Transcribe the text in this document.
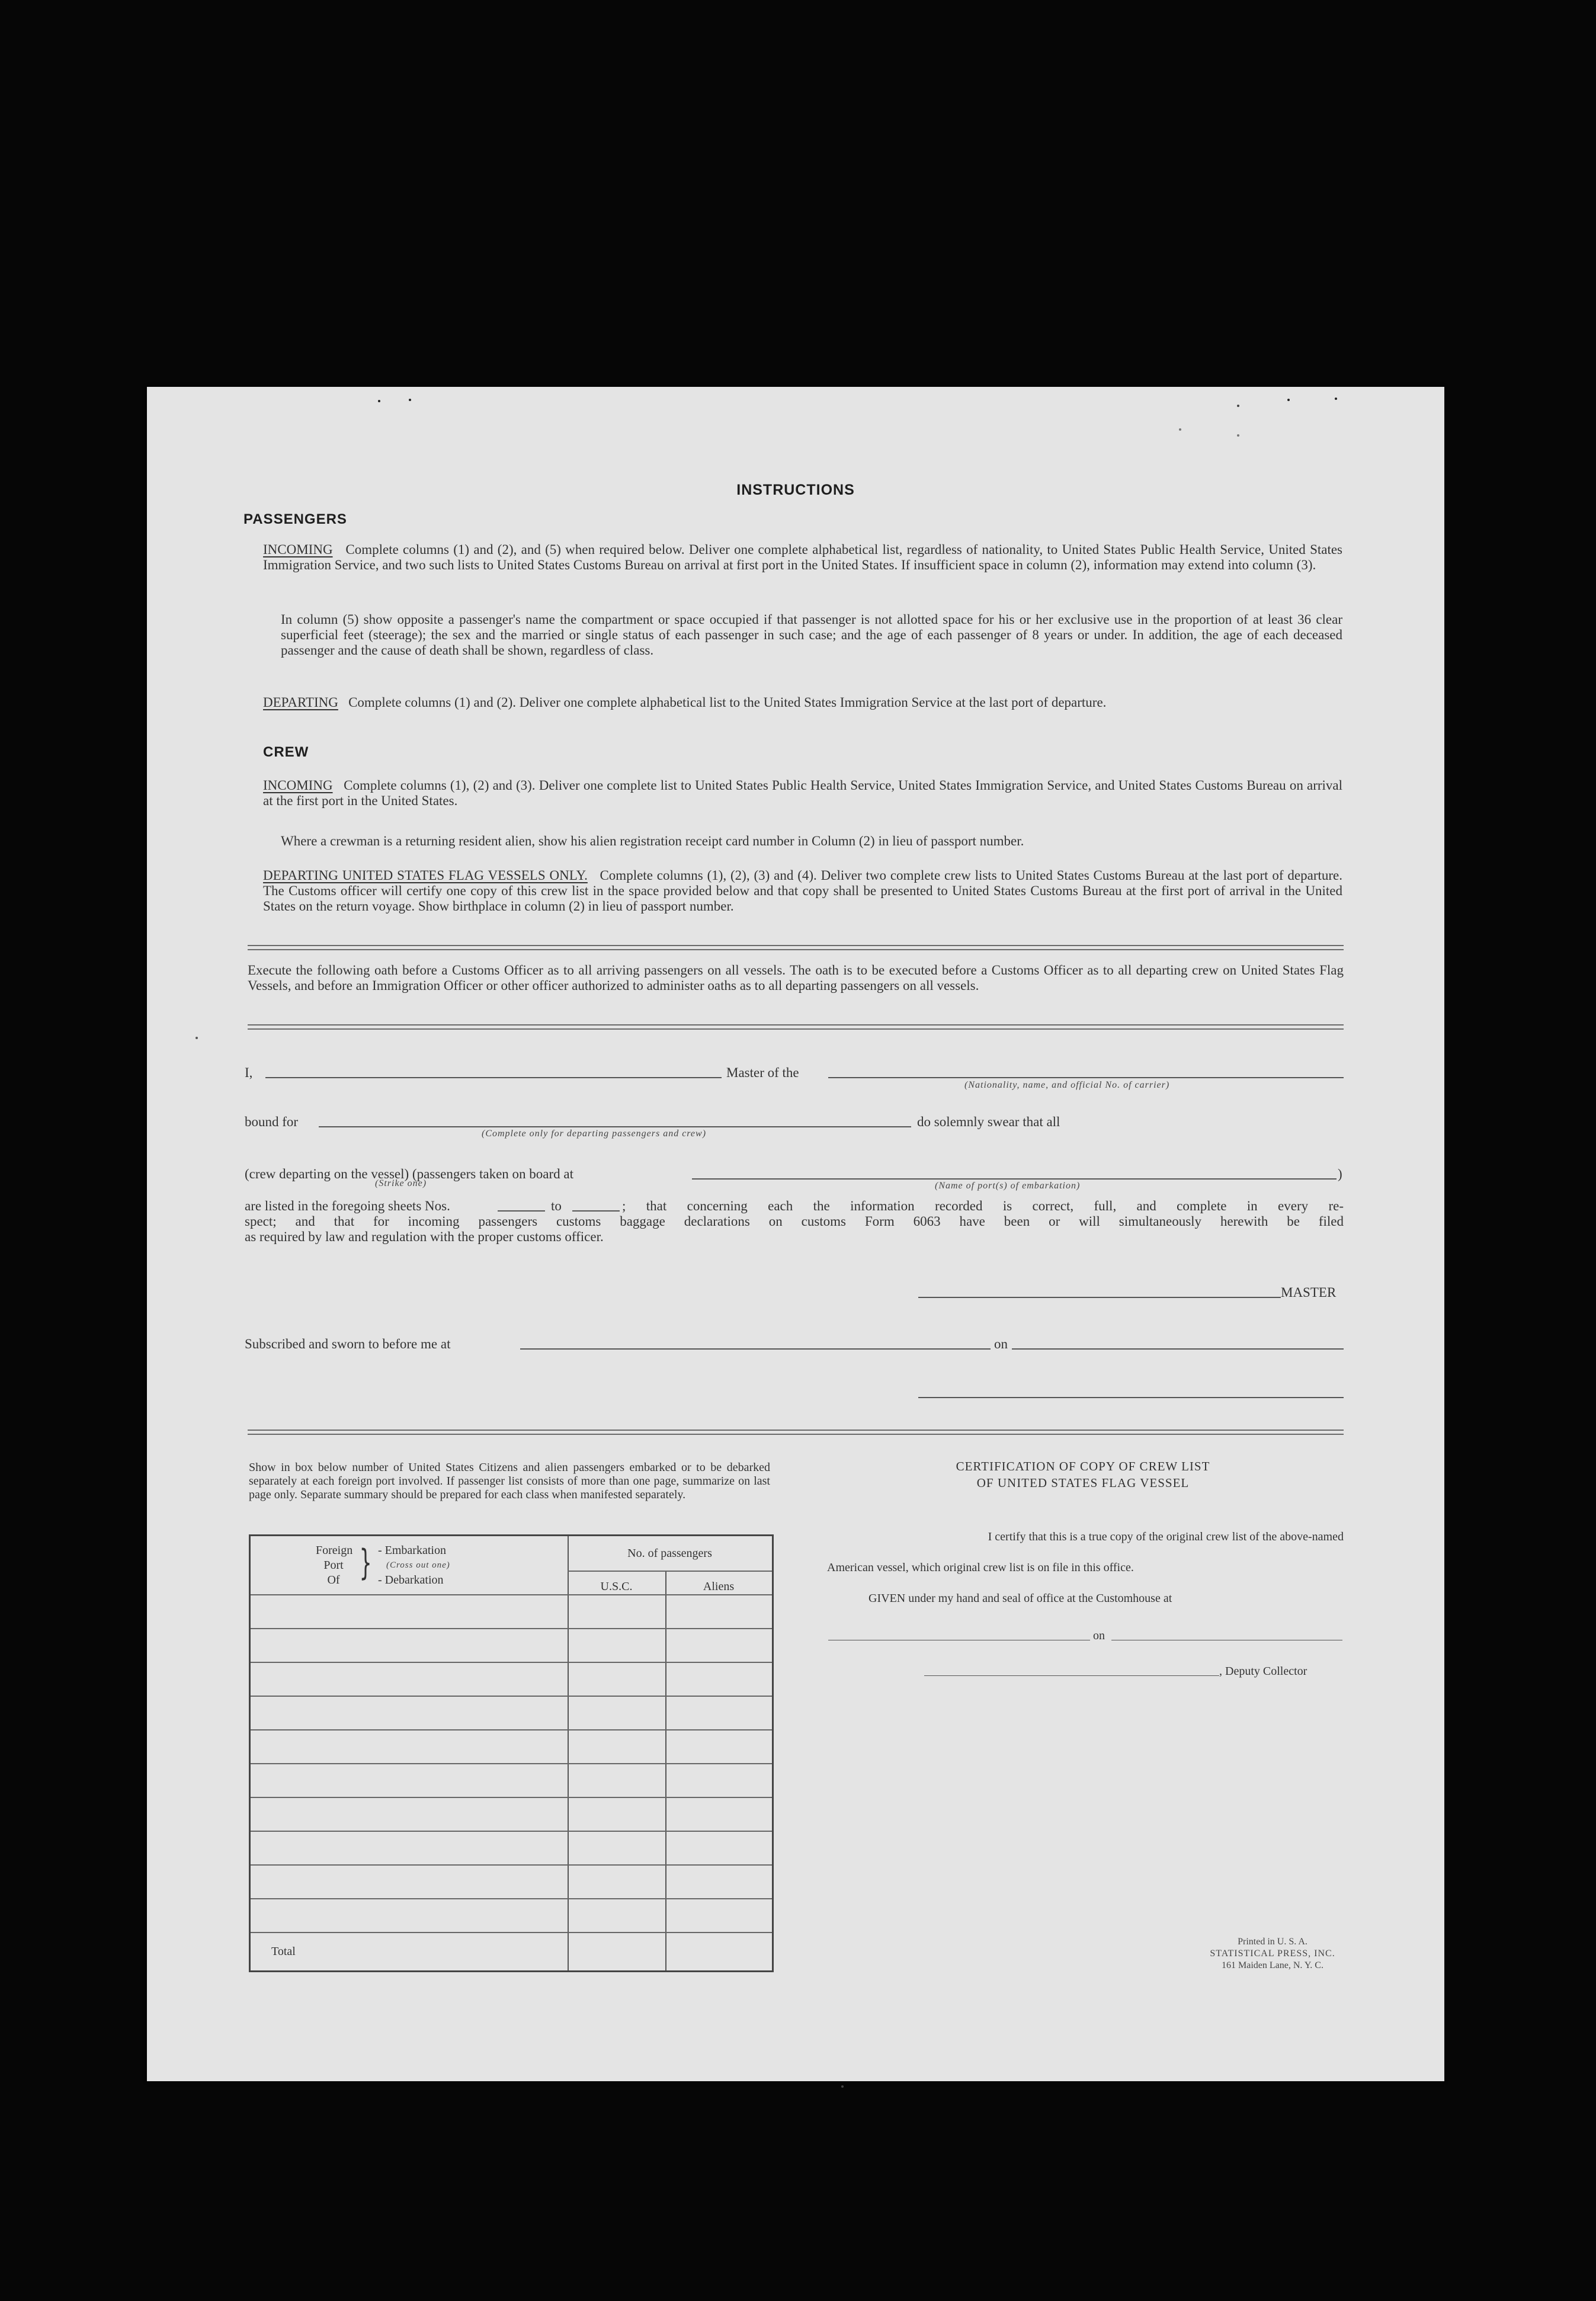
INSTRUCTIONS
PASSENGERS
INCOMING Complete columns (1) and (2), and (5) when required below. Deliver one complete alphabetical list, regardless of nationality, to United States Public Health Service, United States Immigration Service, and two such lists to United States Customs Bureau on arrival at first port in the United States. If insufficient space in column (2), information may extend into column (3).
In column (5) show opposite a passenger's name the compartment or space occupied if that passenger is not allotted space for his or her exclusive use in the proportion of at least 36 clear superficial feet (steerage); the sex and the married or single status of each passenger in such case; and the age of each passenger of 8 years or under. In addition, the age of each deceased passenger and the cause of death shall be shown, regardless of class.
DEPARTING Complete columns (1) and (2). Deliver one complete alphabetical list to the United States Immigration Service at the last port of departure.
CREW
INCOMING Complete columns (1), (2) and (3). Deliver one complete list to United States Public Health Service, United States Immigration Service, and United States Customs Bureau on arrival at the first port in the United States.
Where a crewman is a returning resident alien, show his alien registration receipt card number in Column (2) in lieu of passport number.
DEPARTING UNITED STATES FLAG VESSELS ONLY. Complete columns (1), (2), (3) and (4). Deliver two complete crew lists to United States Customs Bureau at the last port of departure. The Customs officer will certify one copy of this crew list in the space provided below and that copy shall be presented to United States Customs Bureau at the first port of arrival in the United States on the return voyage. Show birthplace in column (2) in lieu of passport number.
Execute the following oath before a Customs Officer as to all arriving passengers on all vessels. The oath is to be executed before a Customs Officer as to all departing crew on United States Flag Vessels, and before an Immigration Officer or other officer authorized to administer oaths as to all departing passengers on all vessels.
I,	Master of the
(Nationality, name, and official No. of carrier)
bound for
(Complete only for departing passengers and crew)
do solemnly swear that all
(crew departing on the vessel) (passengers taken on board at
(Strike one)
)
(Name of port(s) of embarkation)
are listed in the foregoing sheets Nos.	to	; that concerning each the information recorded is correct, full, and complete in every re-
spect; and that for incoming passengers customs baggage declarations on customs Form 6063 have been or will simultaneously herewith be filed
as required by law and regulation with the proper customs officer.
MASTER
Subscribed and sworn to before me at	on
Show in box below number of United States Citizens and alien passengers embarked or to be debarked separately at each foreign port involved. If passenger list consists of more than one page, summarize on last page only. Separate summary should be prepared for each class when manifested separately.
Foreign
Port
Of } - Embarkation
(Cross out one)
- Debarkation
No. of passengers
U.S.C.	Aliens
Total
CERTIFICATION OF COPY OF CREW LIST
OF UNITED STATES FLAG VESSEL
I certify that this is a true copy of the original crew list of the above-named
American vessel, which original crew list is on file in this office.
GIVEN under my hand and seal of office at the Customhouse at
on
, Deputy Collector
Printed in U. S. A.
STATISTICAL PRESS, INC.
161 Maiden Lane, N. Y. C.
